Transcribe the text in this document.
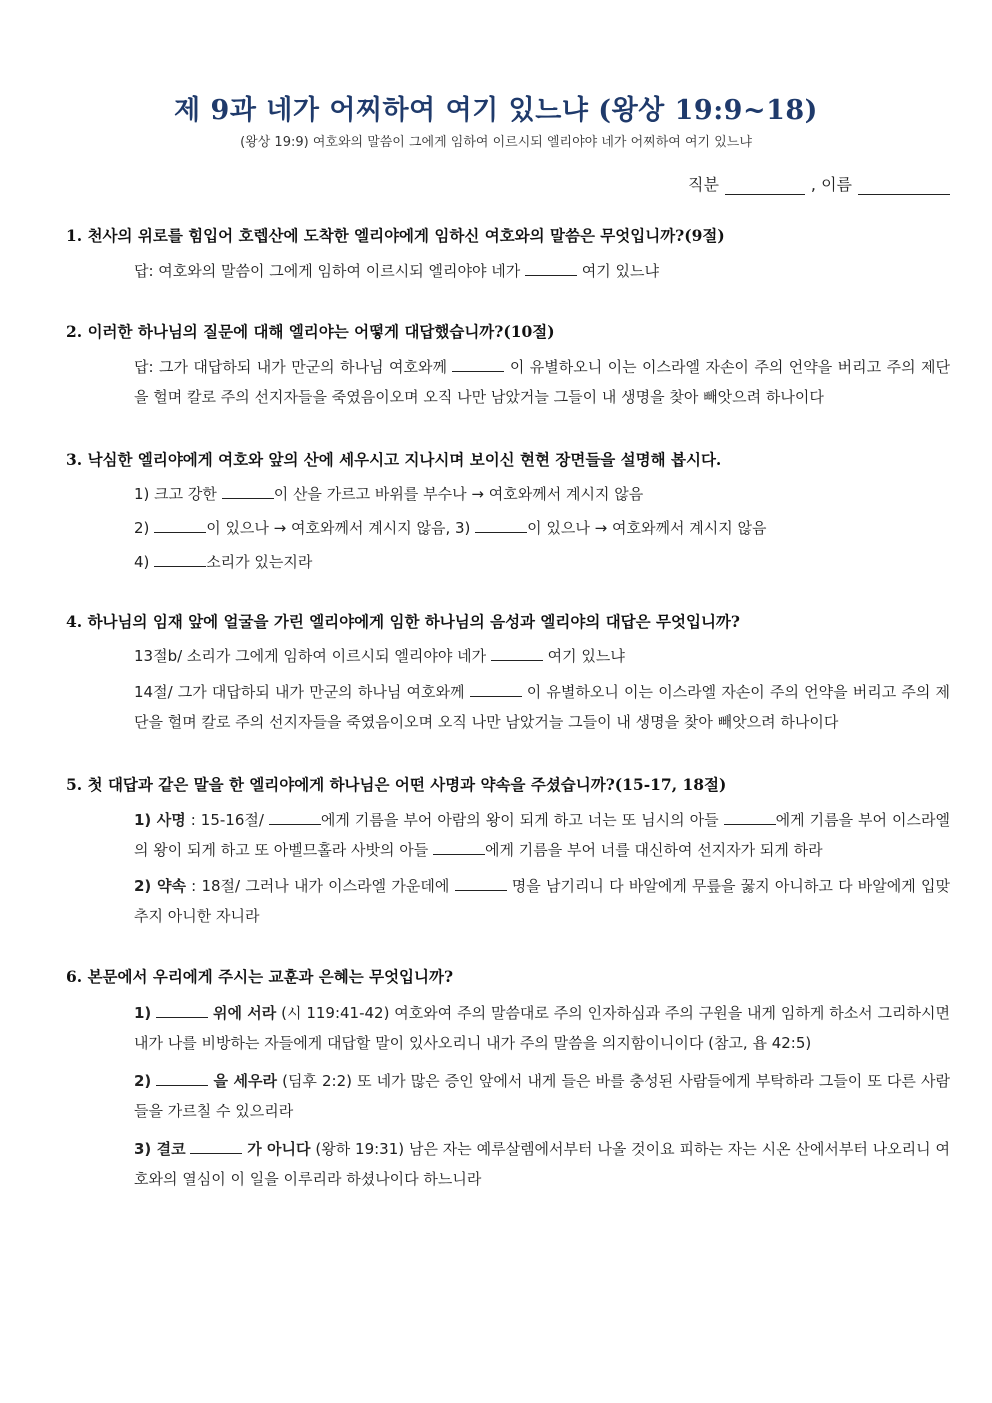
제 9과 네가 어찌하여 여기 있느냐 (왕상 19:9~18)
(왕상 19:9) 여호와의 말씀이 그에게 임하여 이르시되 엘리야야 네가 어찌하여 여기 있느냐
직분	, 이름
1. 천사의 위로를 힘입어 호렙산에 도착한 엘리야에게 임하신 여호와의 말씀은 무엇입니까?(9절)
답: 여호와의 말씀이 그에게 임하여 이르시되 엘리야야 네가	여기 있느냐
2. 이러한 하나님의 질문에 대해 엘리야는 어떻게 대답했습니까?(10절)
답: 그가 대답하되 내가 만군의 하나님 여호와께	이 유별하오니 이는 이스라엘 자손이 주의 언약을 버리고 주의 제단을 헐며 칼로 주의 선지자들을 죽였음이오며 오직 나만 남았거늘 그들이 내 생명을 찾아 빼앗으려 하나이다
3. 낙심한 엘리야에게 여호와 앞의 산에 세우시고 지나시며 보이신 현현 장면들을 설명해 봅시다.
1) 크고 강한	이 산을 가르고 바위를 부수나 → 여호와께서 계시지 않음
2)	이 있으나 → 여호와께서 계시지 않음, 3)	이 있으나 → 여호와께서 계시지 않음
4)	소리가 있는지라
4. 하나님의 임재 앞에 얼굴을 가린 엘리야에게 임한 하나님의 음성과 엘리야의 대답은 무엇입니까?
13절b/ 소리가 그에게 임하여 이르시되 엘리야야 네가	여기 있느냐
14절/ 그가 대답하되 내가 만군의 하나님 여호와께	이 유별하오니 이는 이스라엘 자손이 주의 언약을 버리고 주의 제단을 헐며 칼로 주의 선지자들을 죽였음이오며 오직 나만 남았거늘 그들이 내 생명을 찾아 빼앗으려 하나이다
5. 첫 대답과 같은 말을 한 엘리야에게 하나님은 어떤 사명과 약속을 주셨습니까?(15-17, 18절)
1) 사명 : 15-16절/	에게 기름을 부어 아람의 왕이 되게 하고 너는 또 님시의 아들	에게 기름을 부어 이스라엘의 왕이 되게 하고 또 아벨므홀라 사밧의 아들	에게 기름을 부어 너를 대신하여 선지자가 되게 하라
2) 약속 : 18절/ 그러나 내가 이스라엘 가운데에	명을 남기리니 다 바알에게 무릎을 꿇지 아니하고 다 바알에게 입맞추지 아니한 자니라
6. 본문에서 우리에게 주시는 교훈과 은혜는 무엇입니까?
1)	위에 서라 (시 119:41-42) 여호와여 주의 말씀대로 주의 인자하심과 주의 구원을 내게 임하게 하소서 그리하시면 내가 나를 비방하는 자들에게 대답할 말이 있사오리니 내가 주의 말씀을 의지함이니이다 (참고, 욥 42:5)
2)	을 세우라 (딤후 2:2) 또 네가 많은 증인 앞에서 내게 들은 바를 충성된 사람들에게 부탁하라 그들이 또 다른 사람들을 가르칠 수 있으리라
3) 결코	가 아니다 (왕하 19:31) 남은 자는 예루살렘에서부터 나올 것이요 피하는 자는 시온 산에서부터 나오리니 여호와의 열심이 이 일을 이루리라 하셨나이다 하느니라
